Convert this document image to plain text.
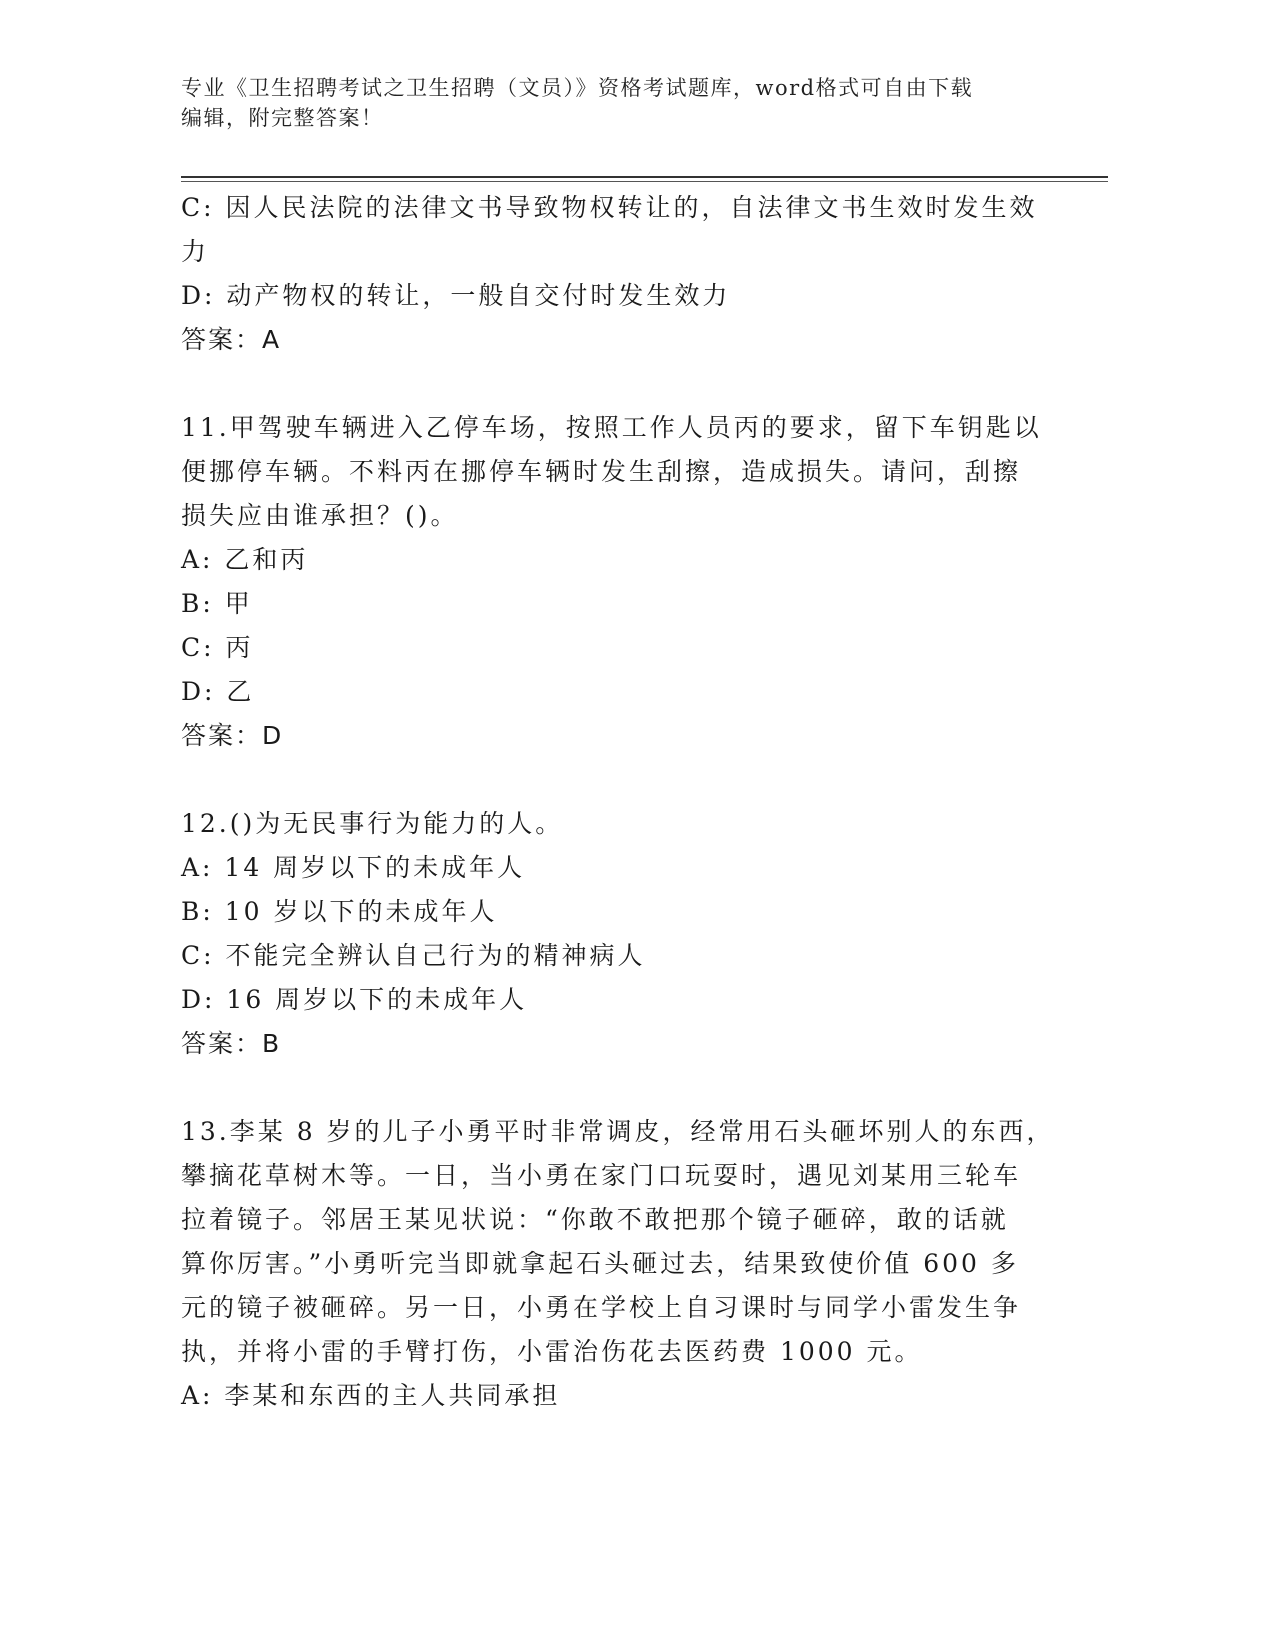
专业《卫生招聘考试之卫生招聘（文员）》资格考试题库，word格式可自由下载
编辑，附完整答案！
C: 因人民法院的法律文书导致物权转让的，自法律文书生效时发生效
力
D: 动产物权的转让，一般自交付时发生效力
答案：A
11.甲驾驶车辆进入乙停车场，按照工作人员丙的要求，留下车钥匙以
便挪停车辆。不料丙在挪停车辆时发生刮擦，造成损失。请问，刮擦
损失应由谁承担？()。
A: 乙和丙
B: 甲
C: 丙
D: 乙
答案：D
12.()为无民事行为能力的人。
A: 14 周岁以下的未成年人
B: 10 岁以下的未成年人
C: 不能完全辨认自己行为的精神病人
D: 16 周岁以下的未成年人
答案：B
13.李某 8 岁的儿子小勇平时非常调皮，经常用石头砸坏别人的东西，
攀摘花草树木等。一日，当小勇在家门口玩耍时，遇见刘某用三轮车
拉着镜子。邻居王某见状说：“你敢不敢把那个镜子砸碎，敢的话就
算你厉害。”小勇听完当即就拿起石头砸过去，结果致使价值 600 多
元的镜子被砸碎。另一日，小勇在学校上自习课时与同学小雷发生争
执，并将小雷的手臂打伤，小雷治伤花去医药费 1000 元。
A: 李某和东西的主人共同承担
